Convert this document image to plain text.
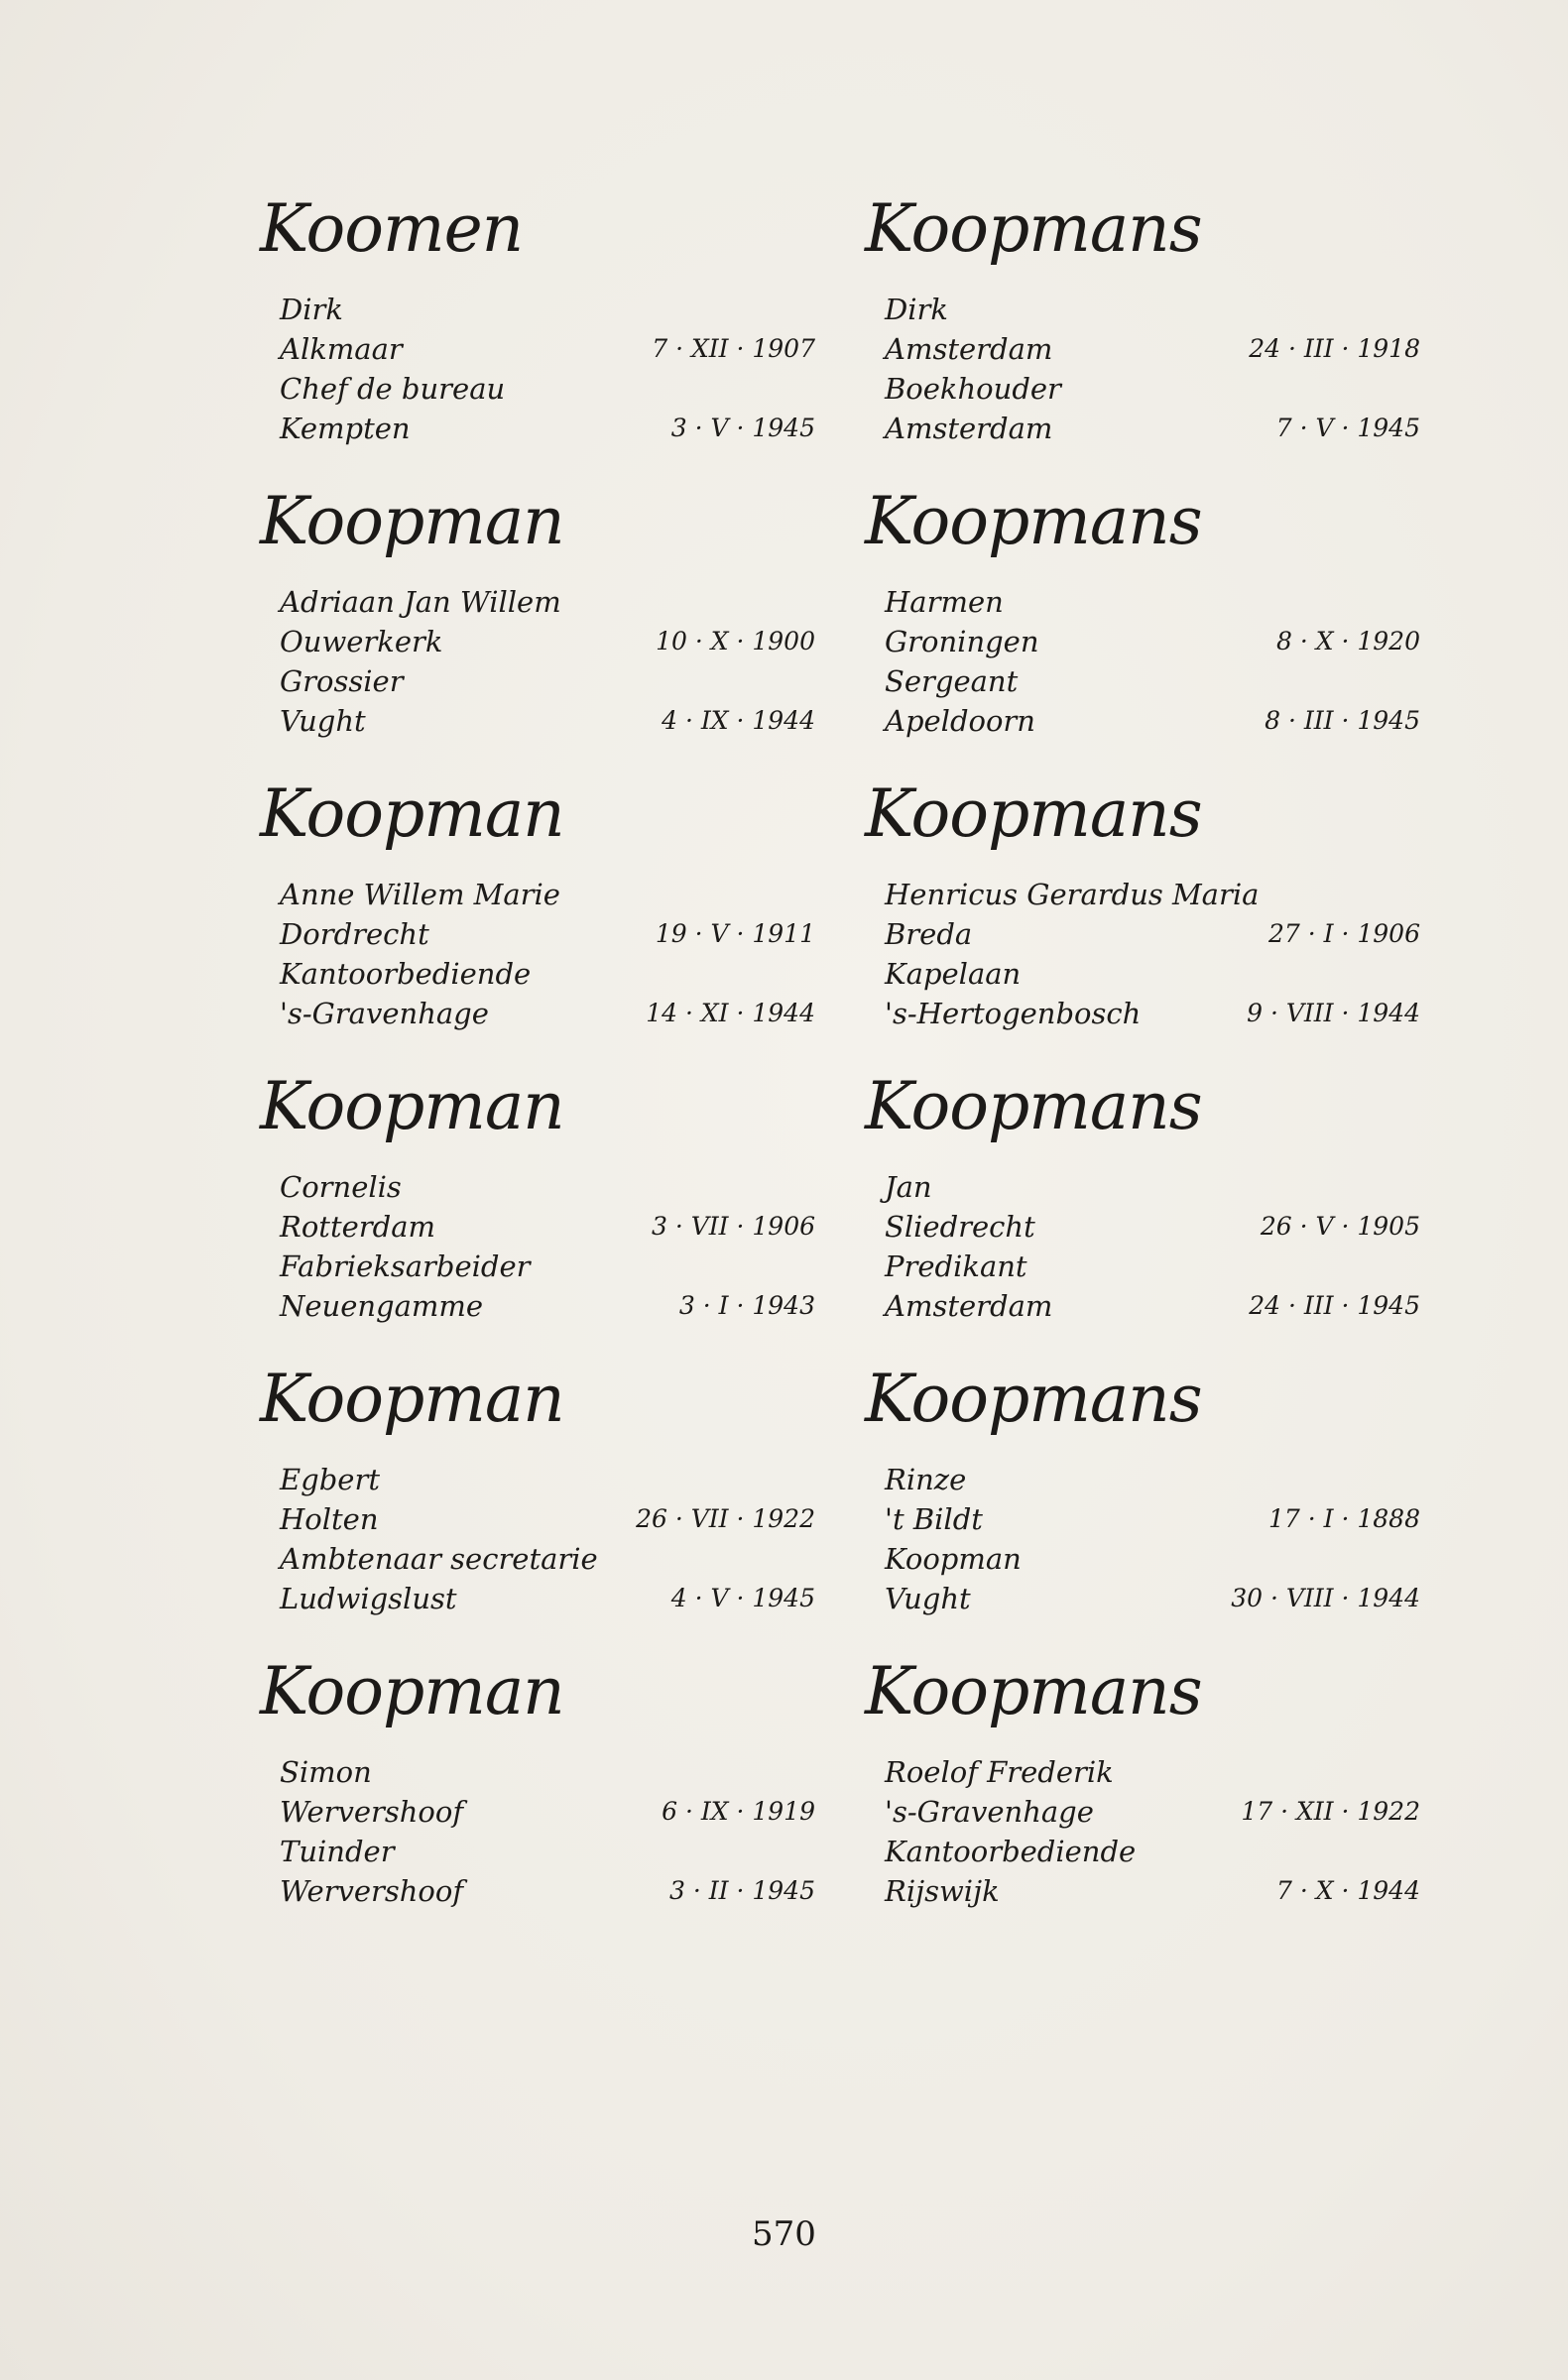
Koomen
Dirk
Alkmaar	7 · XII · 1907
Chef de bureau
Kempten	3 · V · 1945
Koopman
Adriaan Jan Willem
Ouwerkerk	10 · X · 1900
Grossier
Vught	4 · IX · 1944
Koopman
Anne Willem Marie
Dordrecht	19 · V · 1911
Kantoorbediende
's-Gravenhage	14 · XI · 1944
Koopman
Cornelis
Rotterdam	3 · VII · 1906
Fabrieksarbeider
Neuengamme	3 · I · 1943
Koopman
Egbert
Holten	26 · VII · 1922
Ambtenaar secretarie
Ludwigslust	4 · V · 1945
Koopman
Simon
Wervershoof	6 · IX · 1919
Tuinder
Wervershoof	3 · II · 1945
Koopmans
Dirk
Amsterdam	24 · III · 1918
Boekhouder
Amsterdam	7 · V · 1945
Koopmans
Harmen
Groningen	8 · X · 1920
Sergeant
Apeldoorn	8 · III · 1945
Koopmans
Henricus Gerardus Maria
Breda	27 · I · 1906
Kapelaan
's-Hertogenbosch	9 · VIII · 1944
Koopmans
Jan
Sliedrecht	26 · V · 1905
Predikant
Amsterdam	24 · III · 1945
Koopmans
Rinze
't Bildt	17 · I · 1888
Koopman
Vught	30 · VIII · 1944
Koopmans
Roelof Frederik
's-Gravenhage	17 · XII · 1922
Kantoorbediende
Rijswijk	7 · X · 1944
570
